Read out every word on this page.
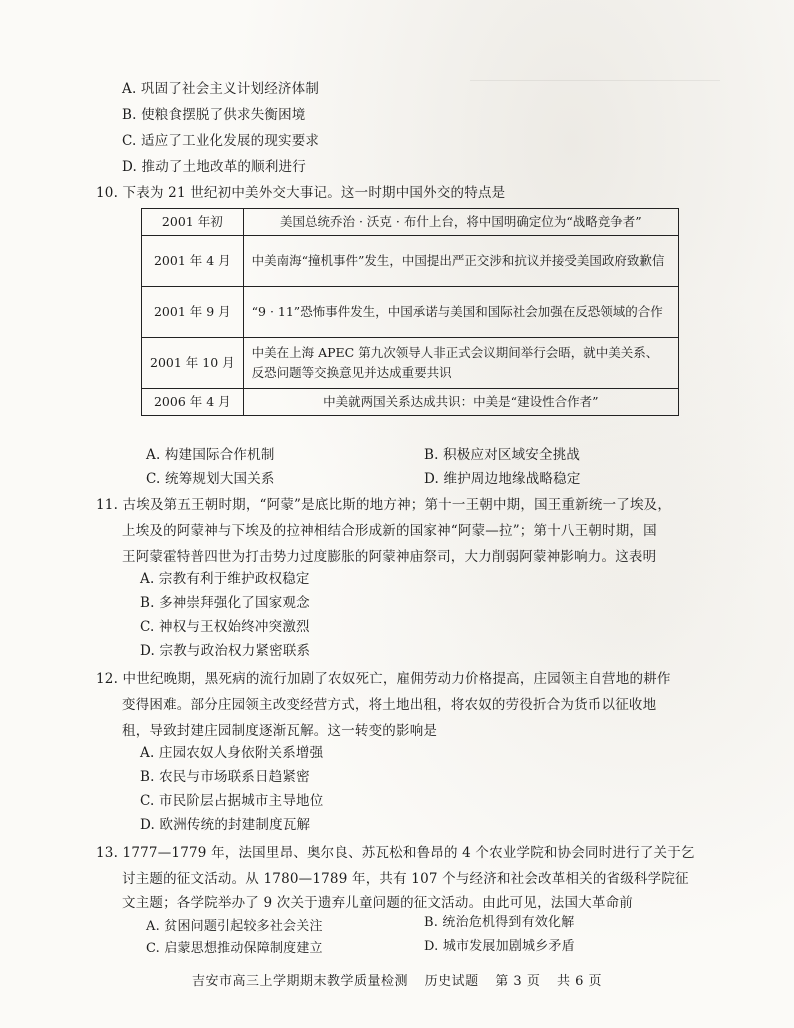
A. 巩固了社会主义计划经济体制
B. 使粮食摆脱了供求失衡困境
C. 适应了工业化发展的现实要求
D. 推动了土地改革的顺利进行
10. 下表为 21 世纪初中美外交大事记。这一时期中国外交的特点是
2001 年初	美国总统乔治 · 沃克 · 布什上台，将中国明确定位为“战略竞争者”
2001 年 4 月	中美南海“撞机事件”发生，中国提出严正交涉和抗议并接受美国政府致歉信
2001 年 9 月	“9 · 11”恐怖事件发生，中国承诺与美国和国际社会加强在反恐领域的合作
2001 年 10 月	中美在上海 APEC 第九次领导人非正式会议期间举行会晤，就中美关系、反恐问题等交换意见并达成重要共识
2006 年 4 月	中美就两国关系达成共识：中美是“建设性合作者”
A. 构建国际合作机制	B. 积极应对区域安全挑战
C. 统筹规划大国关系	D. 维护周边地缘战略稳定
11. 古埃及第五王朝时期，“阿蒙”是底比斯的地方神；第十一王朝中期，国王重新统一了埃及，
上埃及的阿蒙神与下埃及的拉神相结合形成新的国家神“阿蒙—拉”；第十八王朝时期，国
王阿蒙霍特普四世为打击势力过度膨胀的阿蒙神庙祭司，大力削弱阿蒙神影响力。这表明
A. 宗教有利于维护政权稳定
B. 多神崇拜强化了国家观念
C. 神权与王权始终冲突激烈
D. 宗教与政治权力紧密联系
12. 中世纪晚期，黑死病的流行加剧了农奴死亡，雇佣劳动力价格提高，庄园领主自营地的耕作
变得困难。部分庄园领主改变经营方式，将土地出租，将农奴的劳役折合为货币以征收地
租，导致封建庄园制度逐渐瓦解。这一转变的影响是
A. 庄园农奴人身依附关系增强
B. 农民与市场联系日趋紧密
C. 市民阶层占据城市主导地位
D. 欧洲传统的封建制度瓦解
13. 1777—1779 年，法国里昂、奥尔良、苏瓦松和鲁昂的 4 个农业学院和协会同时进行了关于乞
讨主题的征文活动。从 1780—1789 年，共有 107 个与经济和社会改革相关的省级科学院征
文主题；各学院举办了 9 次关于遗弃儿童问题的征文活动。由此可见，法国大革命前
A. 贫困问题引起较多社会关注	B. 统治危机得到有效化解
C. 启蒙思想推动保障制度建立	D. 城市发展加剧城乡矛盾
吉安市高三上学期期末教学质量检测 历史试题 第 3 页 共 6 页
